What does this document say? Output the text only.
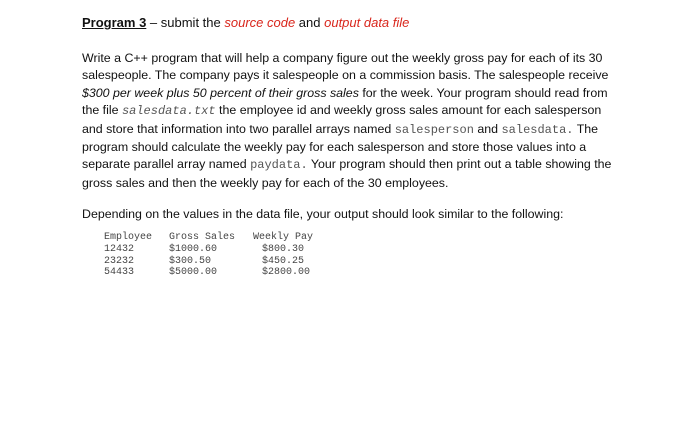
Program 3 – submit the source code and output data file
Write a C++ program that will help a company figure out the weekly gross pay for each of its 30 salespeople. The company pays it salespeople on a commission basis. The salespeople receive $300 per week plus 50 percent of their gross sales for the week. Your program should read from the file salesdata.txt the employee id and weekly gross sales amount for each salesperson and store that information into two parallel arrays named salesperson and salesdata. The program should calculate the weekly pay for each salesperson and store those values into a separate parallel array named paydata. Your program should then print out a table showing the gross sales and then the weekly pay for each of the 30 employees.
Depending on the values in the data file, your output should look similar to the following:
Employee	Gross Sales	Weekly Pay
12432	$1000.60	$800.30
23232	$300.50	$450.25
54433	$5000.00	$2800.00
